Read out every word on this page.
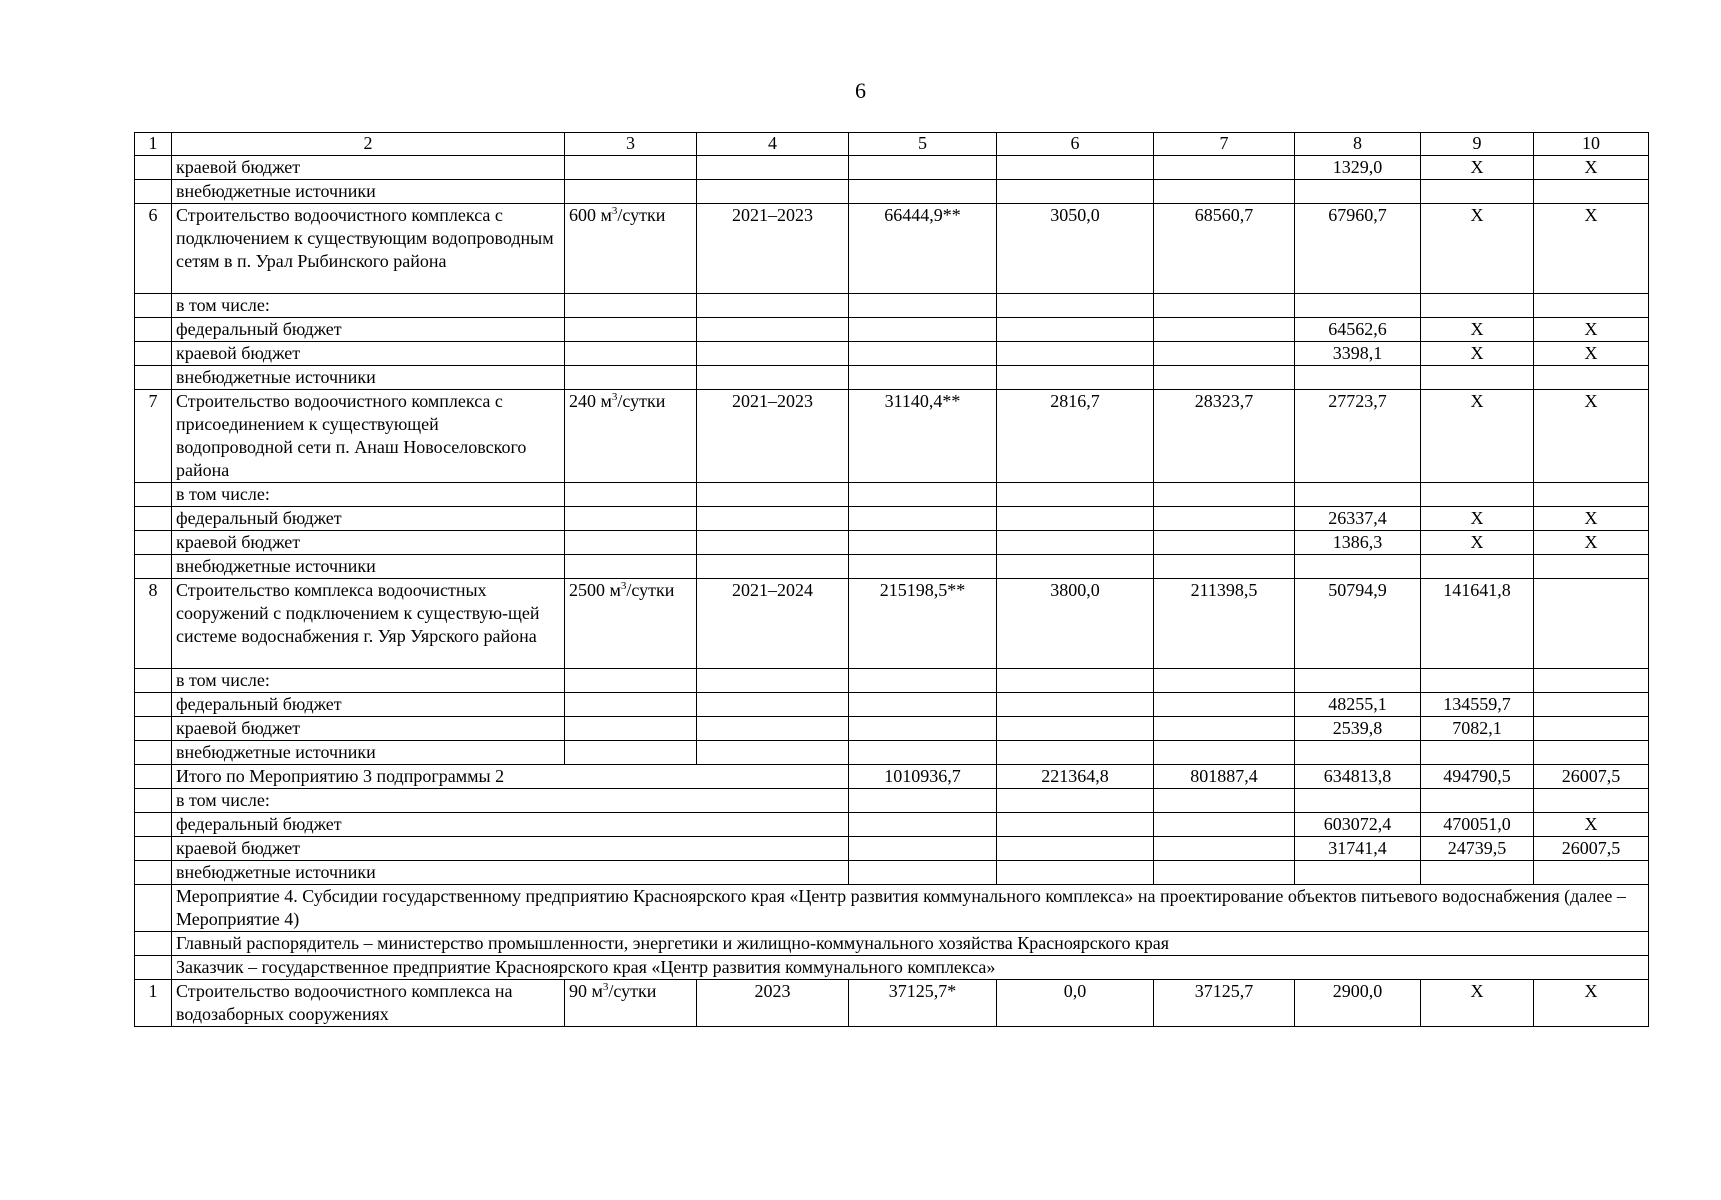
6
1	2	3	4	5	6	7	8	9	10
	краевой бюджет						1329,0	X	X
	внебюджетные источники								
6	Строительство водоочистного комплекса с подключением к существующим водопроводным сетям в п. Урал Рыбинского района	600 $м^3$/сутки	2021–2023	66444,9**	3050,0	68560,7	67960,7	X	X
	в том числе:								
	федеральный бюджет						64562,6	X	X
	краевой бюджет						3398,1	X	X
	внебюджетные источники								
7	Строительство водоочистного комплекса с присоединением к существующей водопроводной сети п. Анаш Новоселовского района	240 $м^3$/сутки	2021–2023	31140,4**	2816,7	28323,7	27723,7	X	X
	в том числе:								
	федеральный бюджет						26337,4	X	X
	краевой бюджет						1386,3	X	X
	внебюджетные источники								
8	Строительство комплекса водоочистных сооружений с подключением к существую-щей системе водоснабжения г. Уяр Уярского района	2500 $м^3$/сутки	2021–2024	215198,5**	3800,0	211398,5	50794,9	141641,8	
	в том числе:								
	федеральный бюджет						48255,1	134559,7	
	краевой бюджет						2539,8	7082,1	
	внебюджетные источники								
	Итого по Мероприятию 3 подпрограммы 2			1010936,7	221364,8	801887,4	634813,8	494790,5	26007,5
	в том числе:								
	федеральный бюджет						603072,4	470051,0	X
	краевой бюджет						31741,4	24739,5	26007,5
	внебюджетные источники								
	Мероприятие 4. Субсидии государственному предприятию Красноярского края «Центр развития коммунального комплекса» на проектирование объектов питьевого водоснабжения (далее – Мероприятие 4)								
	Главный распорядитель – министерство промышленности, энергетики и жилищно-коммунального хозяйства Красноярского края								
	Заказчик – государственное предприятие Красноярского края «Центр развития коммунального комплекса»								
1	Строительство водоочистного комплекса на водозаборных сооружениях	90 $м^3$/сутки	2023	37125,7*	0,0	37125,7	2900,0	X	X
